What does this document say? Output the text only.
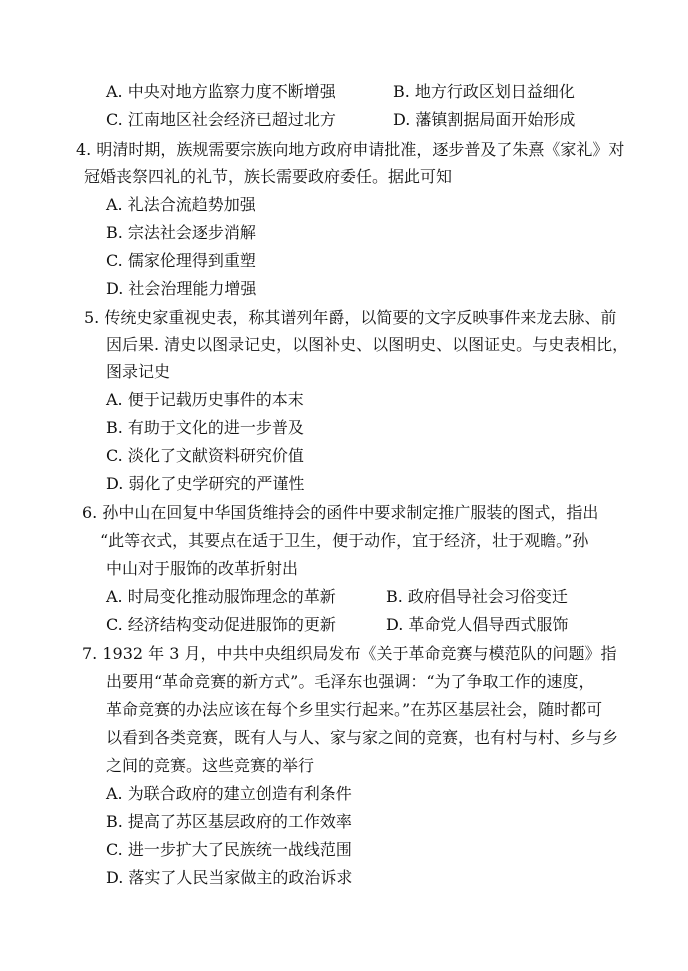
A. 中央对地方监察力度不断增强	B. 地方行政区划日益细化
C. 江南地区社会经济已超过北方	D. 藩镇割据局面开始形成
4. 明清时期，族规需要宗族向地方政府申请批准，逐步普及了朱熹《家礼》对
冠婚丧祭四礼的礼节，族长需要政府委任。据此可知
A. 礼法合流趋势加强
B. 宗法社会逐步消解
C. 儒家伦理得到重塑
D. 社会治理能力增强
5. 传统史家重视史表，称其谱列年爵，以简要的文字反映事件来龙去脉、前
因后果. 清史以图录记史，以图补史、以图明史、以图证史。与史表相比，
图录记史
A. 便于记载历史事件的本末
B. 有助于文化的进一步普及
C. 淡化了文献资料研究价值
D. 弱化了史学研究的严谨性
6. 孙中山在回复中华国货维持会的函件中要求制定推广服装的图式，指出
“此等衣式，其要点在适于卫生，便于动作，宜于经济，壮于观瞻。”孙
中山对于服饰的改革折射出
A. 时局变化推动服饰理念的革新	B. 政府倡导社会习俗变迁
C. 经济结构变动促进服饰的更新	D. 革命党人倡导西式服饰
7. 1932 年 3 月，中共中央组织局发布《关于革命竞赛与模范队的问题》指
出要用“革命竞赛的新方式”。毛泽东也强调：“为了争取工作的速度，
革命竞赛的办法应该在每个乡里实行起来。”在苏区基层社会，随时都可
以看到各类竞赛，既有人与人、家与家之间的竞赛，也有村与村、乡与乡
之间的竞赛。这些竞赛的举行
A. 为联合政府的建立创造有利条件
B. 提高了苏区基层政府的工作效率
C. 进一步扩大了民族统一战线范围
D. 落实了人民当家做主的政治诉求
